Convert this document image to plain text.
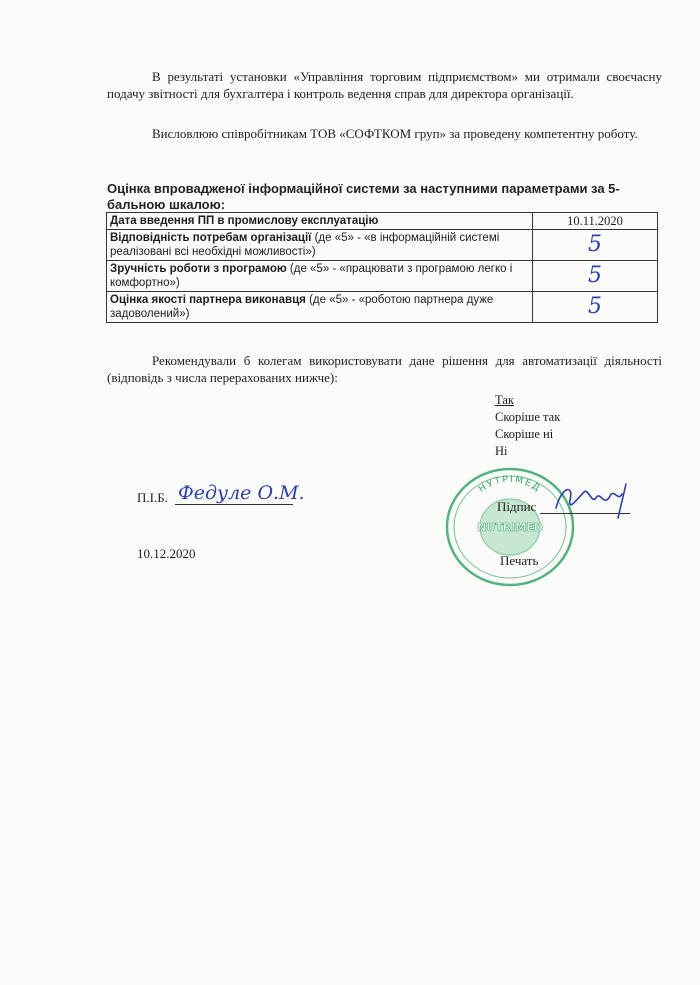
В результаті установки «Управління торговим підприємством» ми отримали своєчасну подачу звітності для бухгалтера і контроль ведення справ для директора організації.
Висловлюю співробітникам ТОВ «СОФТКОМ груп» за проведену компетентну роботу.
Оцінка впровадженої інформаційної системи за наступними параметрами за 5-бальною шкалою:
Дата введення ПП в промислову експлуатацію	10.11.2020
Відповідність потребам організації (де «5» - «в інформаційній системі реалізовані всі необхідні можливості»)	5
Зручність роботи з програмою (де «5» - «працювати з програмою легко і комфортно»)	5
Оцінка якості партнера виконавця (де «5» - «роботою партнера дуже задоволений»)	5
Рекомендували б колегам використовувати дане рішення для автоматизації діяльності (відповідь з числа перерахованих нижче):
Так
Скоріше так
Скоріше ні
Ні
П.І.Б. Федуле О.М.
10.12.2020
НУТРІМЕД
NUTRIMED
Підпис
Печать
